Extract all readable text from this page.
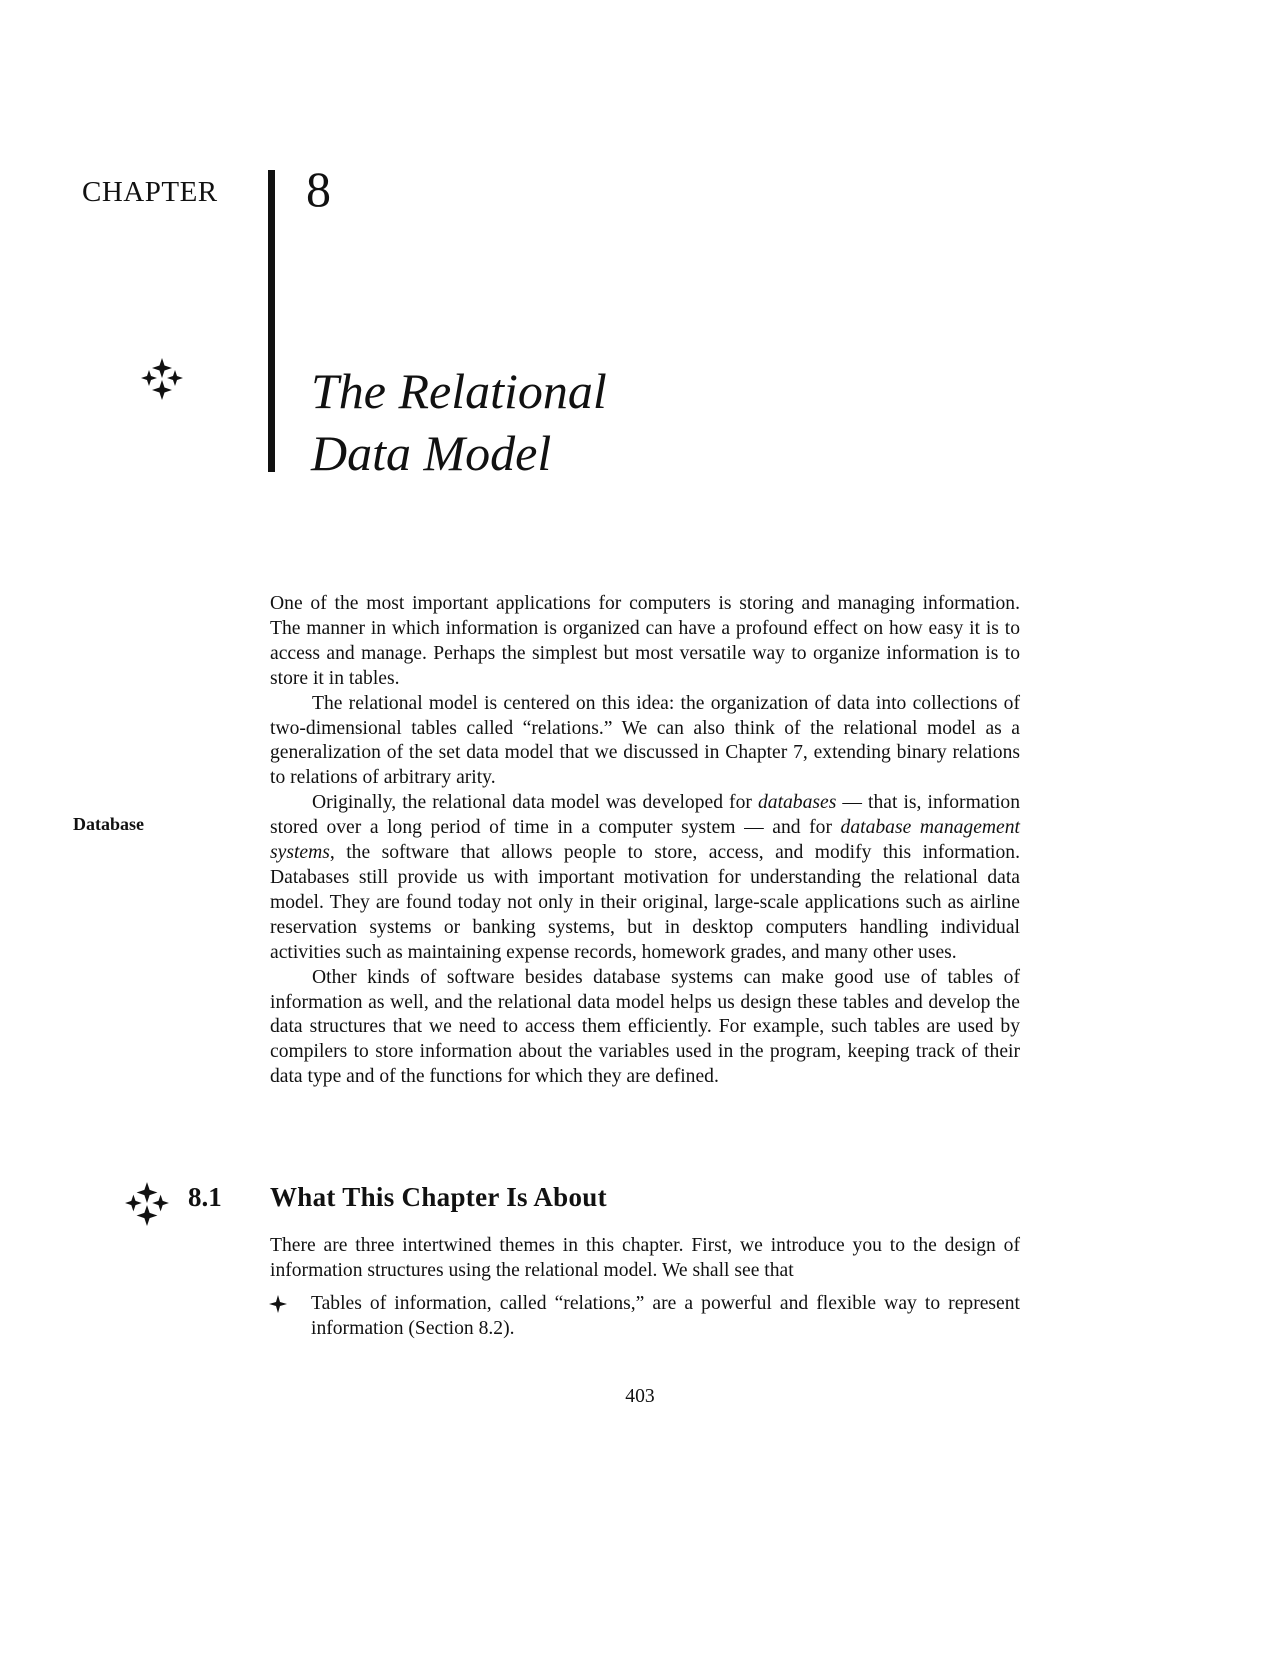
CHAPTER 8
The Relational
Data Model
Database

One of the most important applications for computers is storing and managing information. The manner in which information is organized can have a profound effect on how easy it is to access and manage. Perhaps the simplest but most versatile way to organize information is to store it in tables.

The relational model is centered on this idea: the organization of data into collections of two-dimensional tables called “relations.” We can also think of the relational model as a generalization of the set data model that we discussed in Chapter 7, extending binary relations to relations of arbitrary arity.

Originally, the relational data model was developed for databases — that is, information stored over a long period of time in a computer system — and for database management systems, the software that allows people to store, access, and modify this information. Databases still provide us with important motivation for understanding the relational data model. They are found today not only in their original, large-scale applications such as airline reservation systems or banking systems, but in desktop computers handling individual activities such as maintaining expense records, homework grades, and many other uses.

Other kinds of software besides database systems can make good use of tables of information as well, and the relational data model helps us design these tables and develop the data structures that we need to access them efficiently. For example, such tables are used by compilers to store information about the variables used in the program, keeping track of their data type and of the functions for which they are defined.

8.1 What This Chapter Is About
There are three intertwined themes in this chapter. First, we introduce you to the design of information structures using the relational model. We shall see that
Tables of information, called “relations,” are a powerful and flexible way to represent information (Section 8.2).
403
